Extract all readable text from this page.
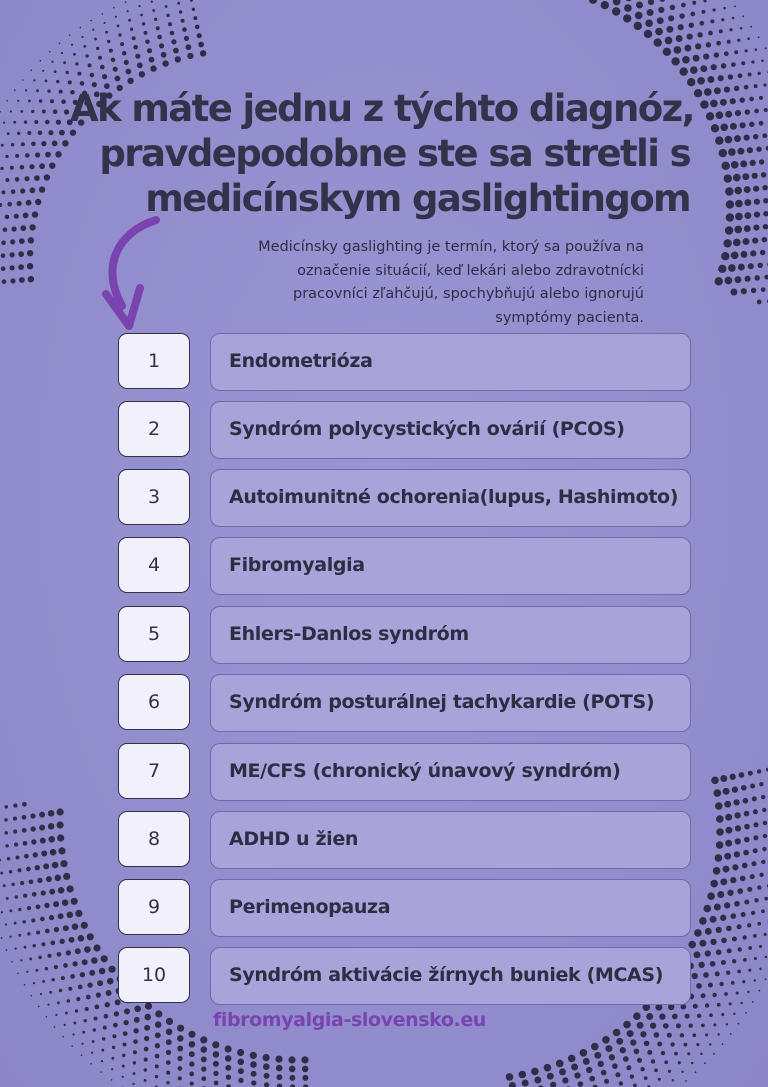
Ak máte jednu z týchto diagnóz,
pravdepodobne ste sa stretli s
medicínskym gaslightingom
Medicínsky gaslighting je termín, ktorý sa používa na
označenie situácií, keď lekári alebo zdravotnícki
pracovníci zľahčujú, spochybňujú alebo ignorujú
symptómy pacienta.
1	Endometrióza
2	Syndróm polycystických ovárií (PCOS)
3	Autoimunitné ochorenia(lupus, Hashimoto)
4	Fibromyalgia
5	Ehlers-Danlos syndróm
6	Syndróm posturálnej tachykardie (POTS)
7	ME/CFS (chronický únavový syndróm)
8	ADHD u žien
9	Perimenopauza
10	Syndróm aktivácie žírnych buniek (MCAS)
fibromyalgia-slovensko.eu
